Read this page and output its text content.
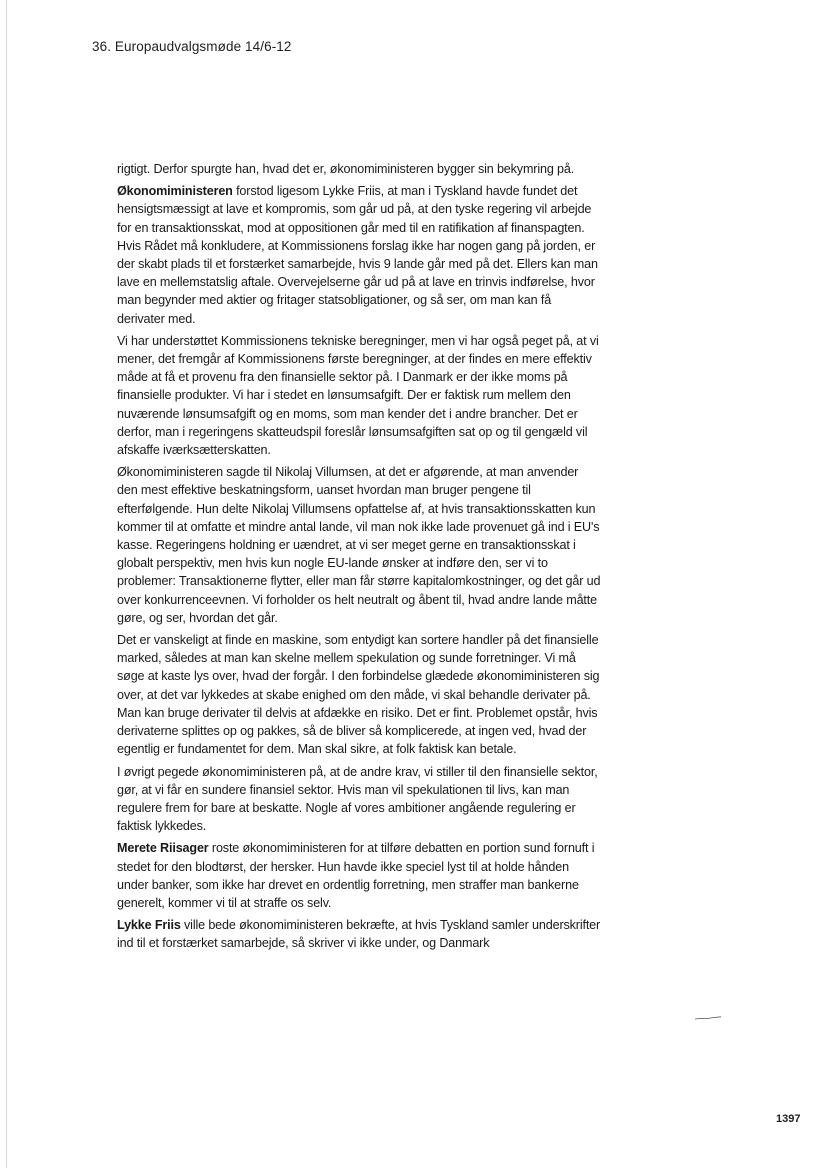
36. Europaudvalgsmøde 14/6-12

rigtigt. Derfor spurgte han, hvad det er, økonomiministeren bygger sin bekymring på.

Økonomiministeren forstod ligesom Lykke Friis, at man i Tyskland havde fundet det hensigtsmæssigt at lave et kompromis, som går ud på, at den tyske regering vil arbejde for en transaktionsskat, mod at oppositionen går med til en ratifikation af finanspagten. Hvis Rådet må konkludere, at Kommissionens forslag ikke har nogen gang på jorden, er der skabt plads til et forstærket samarbejde, hvis 9 lande går med på det. Ellers kan man lave en mellemstatslig aftale. Overvejelserne går ud på at lave en trinvis indførelse, hvor man begynder med aktier og fritager statsobligationer, og så ser, om man kan få derivater med.

Vi har understøttet Kommissionens tekniske beregninger, men vi har også peget på, at vi mener, det fremgår af Kommissionens første beregninger, at der findes en mere effektiv måde at få et provenu fra den finansielle sektor på. I Danmark er der ikke moms på finansielle produkter. Vi har i stedet en lønsumsafgift. Der er faktisk rum mellem den nuværende lønsumsafgift og en moms, som man kender det i andre brancher. Det er derfor, man i regeringens skatteudspil foreslår lønsumsafgiften sat op og til gengæld vil afskaffe iværksætterskatten.

Økonomiministeren sagde til Nikolaj Villumsen, at det er afgørende, at man anvender den mest effektive beskatningsform, uanset hvordan man bruger pengene til efterfølgende. Hun delte Nikolaj Villumsens opfattelse af, at hvis transaktionsskatten kun kommer til at omfatte et mindre antal lande, vil man nok ikke lade provenuet gå ind i EU's kasse. Regeringens holdning er uændret, at vi ser meget gerne en transaktionsskat i globalt perspektiv, men hvis kun nogle EU-lande ønsker at indføre den, ser vi to problemer: Transaktionerne flytter, eller man får større kapitalomkostninger, og det går ud over konkurrenceevnen. Vi forholder os helt neutralt og åbent til, hvad andre lande måtte gøre, og ser, hvordan det går.

Det er vanskeligt at finde en maskine, som entydigt kan sortere handler på det finansielle marked, således at man kan skelne mellem spekulation og sunde forretninger. Vi må søge at kaste lys over, hvad der forgår. I den forbindelse glædede økonomiministeren sig over, at det var lykkedes at skabe enighed om den måde, vi skal behandle derivater på. Man kan bruge derivater til delvis at afdække en risiko. Det er fint. Problemet opstår, hvis derivaterne splittes op og pakkes, så de bliver så komplicerede, at ingen ved, hvad der egentlig er fundamentet for dem. Man skal sikre, at folk faktisk kan betale.

I øvrigt pegede økonomiministeren på, at de andre krav, vi stiller til den finansielle sektor, gør, at vi får en sundere finansiel sektor. Hvis man vil spekulationen til livs, kan man regulere frem for bare at beskatte. Nogle af vores ambitioner angående regulering er faktisk lykkedes.

Merete Riisager roste økonomiministeren for at tilføre debatten en portion sund fornuft i stedet for den blodtørst, der hersker. Hun havde ikke speciel lyst til at holde hånden under banker, som ikke har drevet en ordentlig forretning, men straffer man bankerne generelt, kommer vi til at straffe os selv.

Lykke Friis ville bede økonomiministeren bekræfte, at hvis Tyskland samler underskrifter ind til et forstærket samarbejde, så skriver vi ikke under, og Danmark

1397
